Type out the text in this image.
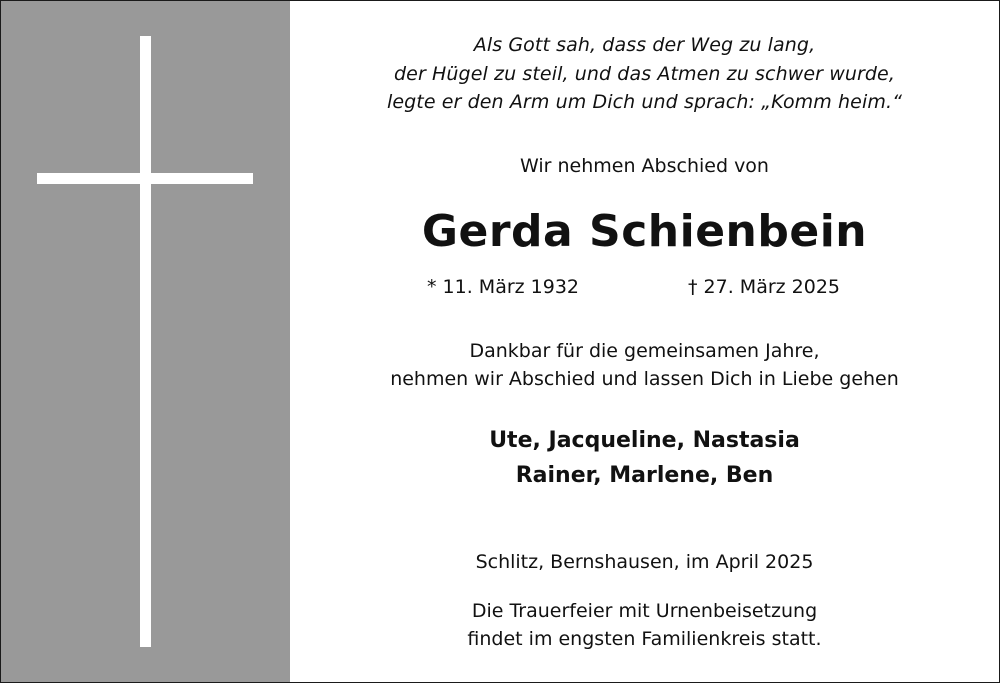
Als Gott sah, dass der Weg zu lang,
der Hügel zu steil, und das Atmen zu schwer wurde,
legte er den Arm um Dich und sprach: „Komm heim.“
Wir nehmen Abschied von
Gerda Schienbein
* 11. März 1932	† 27. März 2025
Dankbar für die gemeinsamen Jahre,
nehmen wir Abschied und lassen Dich in Liebe gehen
Ute, Jacqueline, Nastasia
Rainer, Marlene, Ben
Schlitz, Bernshausen, im April 2025
Die Trauerfeier mit Urnenbeisetzung
findet im engsten Familienkreis statt.
